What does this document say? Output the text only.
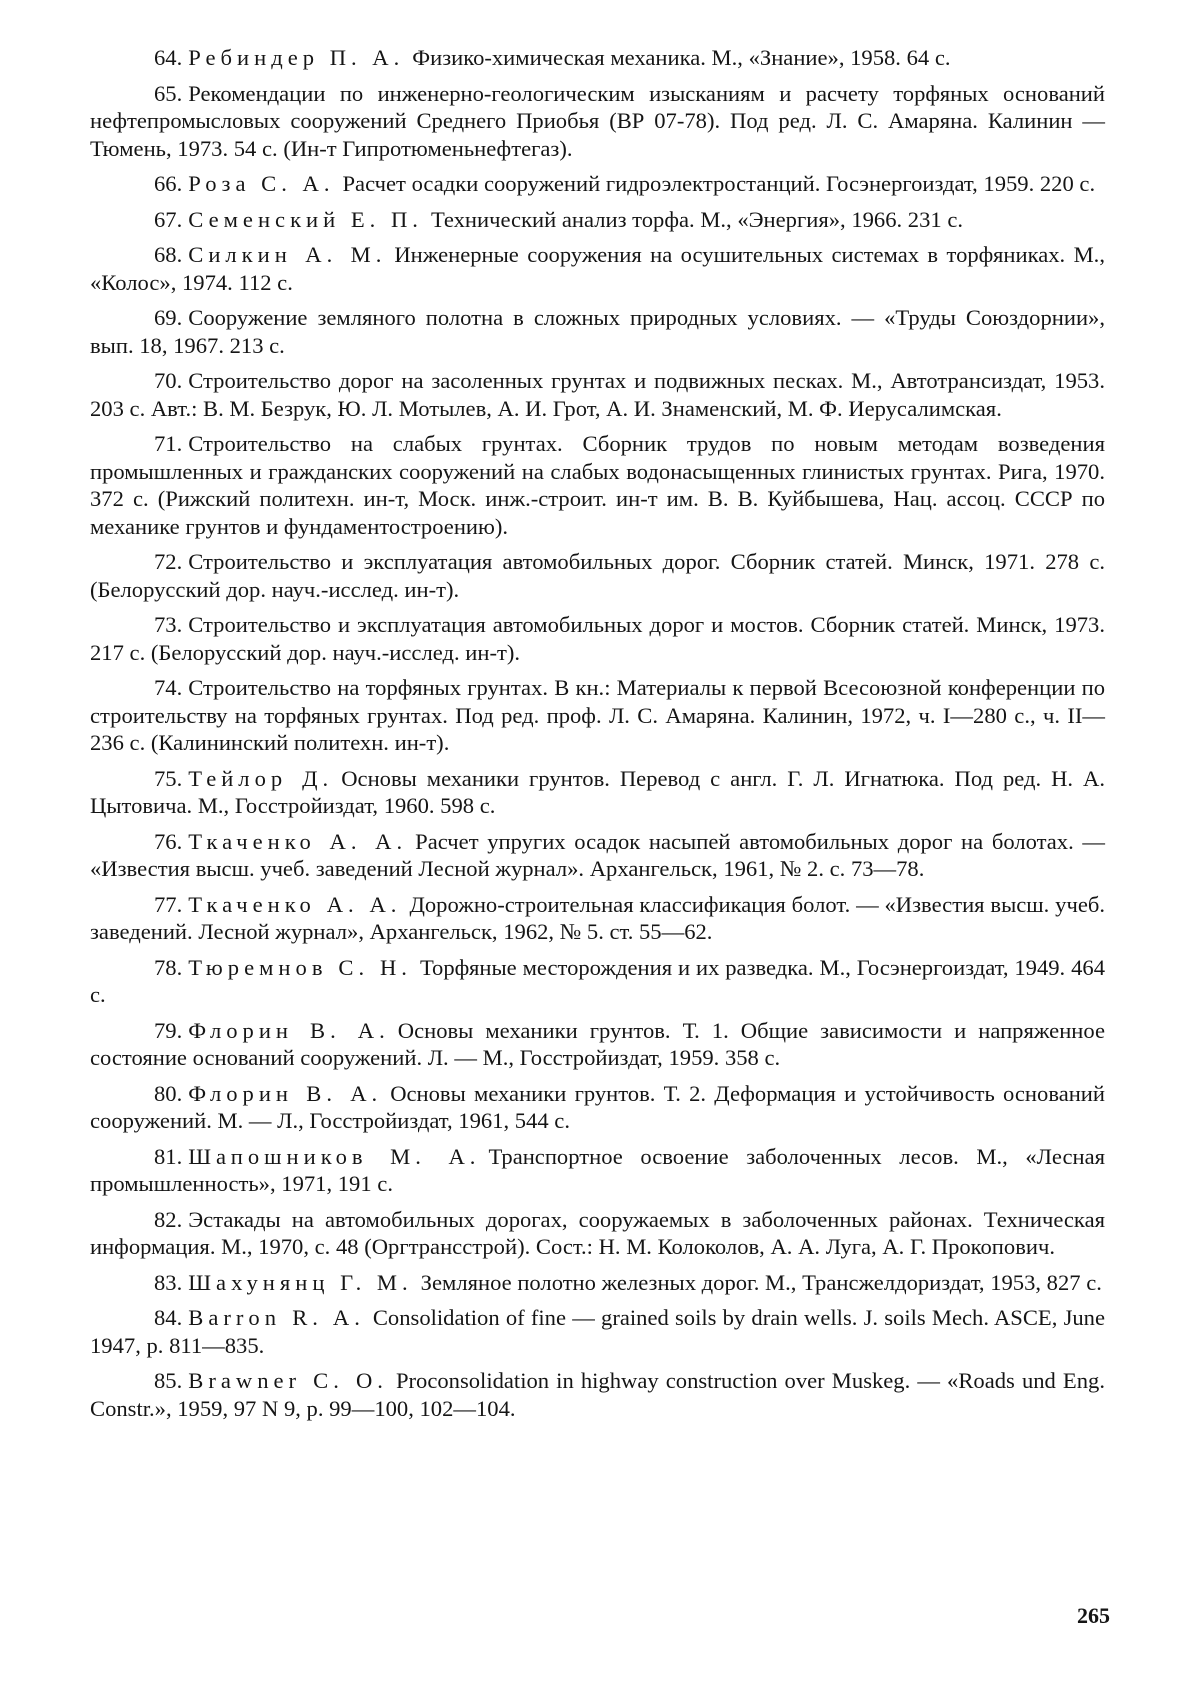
64. Ребиндер П. А. Физико-химическая механика. М., «Знание», 1958. 64 с.

65. Рекомендации по инженерно-геологическим изысканиям и расчету торфяных оснований нефтепромысловых сооружений Среднего Приобья (ВР 07-78). Под ред. Л. С. Амаряна. Калинин — Тюмень, 1973. 54 с. (Ин-т Гипротюменьнефтегаз).

66. Роза С. А. Расчет осадки сооружений гидроэлектростанций. Госэнергоиздат, 1959. 220 с.

67. Семенский Е. П. Технический анализ торфа. М., «Энергия», 1966. 231 с.

68. Силкин А. М. Инженерные сооружения на осушительных системах в торфяниках. М., «Колос», 1974. 112 с.

69. Сооружение земляного полотна в сложных природных условиях. — «Труды Союздорнии», вып. 18, 1967. 213 с.

70. Строительство дорог на засоленных грунтах и подвижных песках. М., Автотрансиздат, 1953. 203 с. Авт.: В. М. Безрук, Ю. Л. Мотылев, А. И. Грот, А. И. Знаменский, М. Ф. Иерусалимская.

71. Строительство на слабых грунтах. Сборник трудов по новым методам возведения промышленных и гражданских сооружений на слабых водонасыщенных глинистых грунтах. Рига, 1970. 372 с. (Рижский политехн. ин-т, Моск. инж.-строит. ин-т им. В. В. Куйбышева, Нац. ассоц. СССР по механике грунтов и фундаментостроению).

72. Строительство и эксплуатация автомобильных дорог. Сборник статей. Минск, 1971. 278 с. (Белорусский дор. науч.-исслед. ин-т).

73. Строительство и эксплуатация автомобильных дорог и мостов. Сборник статей. Минск, 1973. 217 с. (Белорусский дор. науч.-исслед. ин-т).

74. Строительство на торфяных грунтах. В кн.: Материалы к первой Всесоюзной конференции по строительству на торфяных грунтах. Под ред. проф. Л. С. Амаряна. Калинин, 1972, ч. I—280 с., ч. II—236 с. (Калининский политехн. ин-т).

75. Тейлор Д. Основы механики грунтов. Перевод с англ. Г. Л. Игнатюка. Под ред. Н. А. Цытовича. М., Госстройиздат, 1960. 598 с.

76. Ткаченко А. А. Расчет упругих осадок насыпей автомобильных дорог на болотах. — «Известия высш. учеб. заведений Лесной журнал». Архангельск, 1961, № 2. с. 73—78.

77. Ткаченко А. А. Дорожно-строительная классификация болот. — «Известия высш. учеб. заведений. Лесной журнал», Архангельск, 1962, № 5. ст. 55—62.

78. Тюремнов С. Н. Торфяные месторождения и их разведка. М., Госэнергоиздат, 1949. 464 с.

79. Флорин В. А. Основы механики грунтов. Т. 1. Общие зависимости и напряженное состояние оснований сооружений. Л. — М., Госстройиздат, 1959. 358 с.

80. Флорин В. А. Основы механики грунтов. Т. 2. Деформация и устойчивость оснований сооружений. М. — Л., Госстройиздат, 1961, 544 с.

81. Шапошников М. А. Транспортное освоение заболоченных лесов. М., «Лесная промышленность», 1971, 191 с.

82. Эстакады на автомобильных дорогах, сооружаемых в заболоченных районах. Техническая информация. М., 1970, с. 48 (Оргтрансстрой). Сост.: Н. М. Колоколов, А. А. Луга, А. Г. Прокопович.

83. Шахунянц Г. М. Земляное полотно железных дорог. М., Трансжелдориздат, 1953, 827 с.

84. Barron R. A. Consolidation of fine — grained soils by drain wells. J. soils Mech. ASCE, June 1947, p. 811—835.

85. Brawner C. O. Proconsolidation in highway construction over Muskeg. — «Roads und Eng. Constr.», 1959, 97 N 9, p. 99—100, 102—104.

265
